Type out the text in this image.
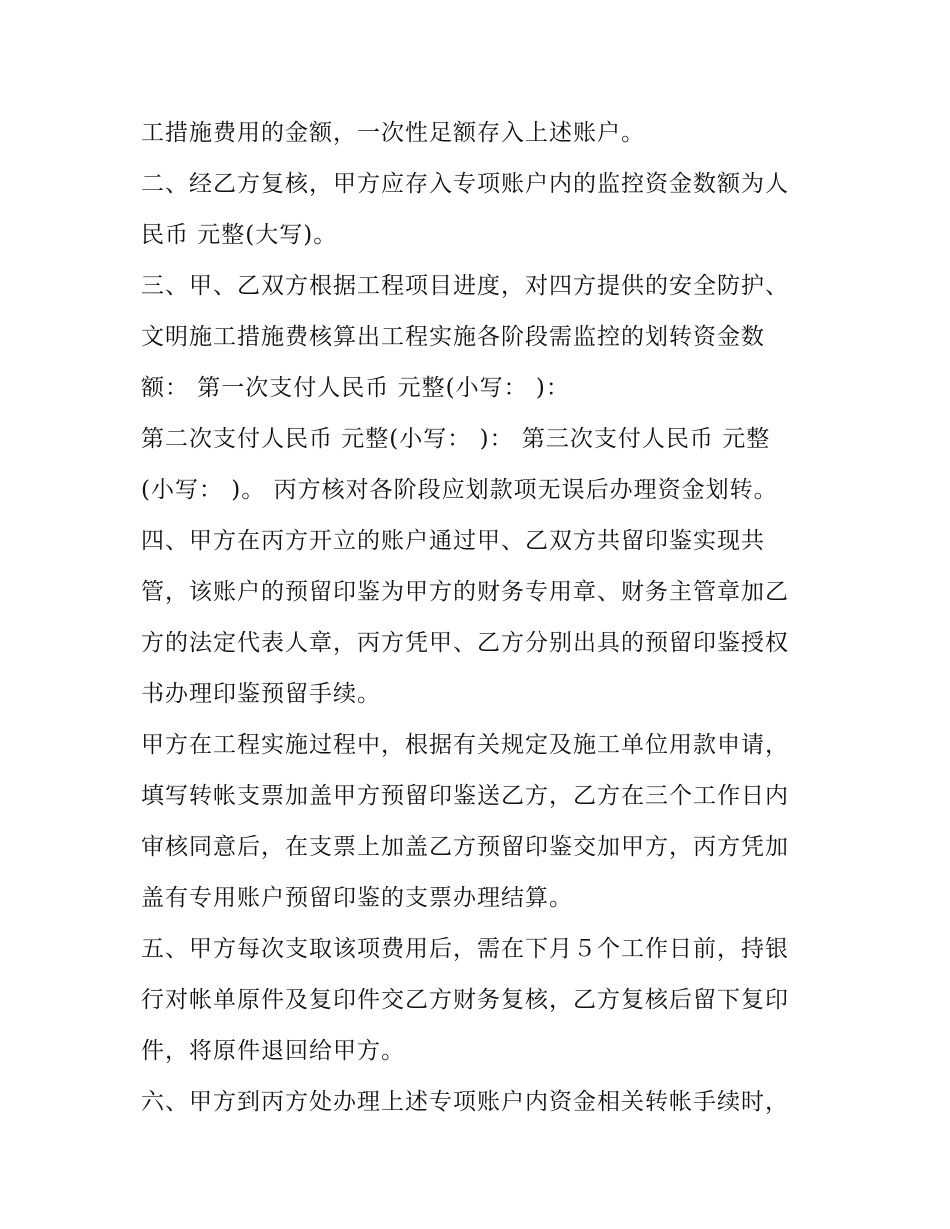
工措施费用的金额，一次性足额存入上述账户。
二、经乙方复核，甲方应存入专项账户内的监控资金数额为人
民币 元整(大写)。
三、甲、乙双方根据工程项目进度，对四方提供的安全防护、
文明施工措施费核算出工程实施各阶段需监控的划转资金数
额： 第一次支付人民币 元整(小写： )：
第二次支付人民币 元整(小写： )： 第三次支付人民币 元整
(小写： )。 丙方核对各阶段应划款项无误后办理资金划转。
四、甲方在丙方开立的账户通过甲、乙双方共留印鉴实现共
管，该账户的预留印鉴为甲方的财务专用章、财务主管章加乙
方的法定代表人章，丙方凭甲、乙方分别出具的预留印鉴授权
书办理印鉴预留手续。
甲方在工程实施过程中，根据有关规定及施工单位用款申请，
填写转帐支票加盖甲方预留印鉴送乙方，乙方在三个工作日内
审核同意后，在支票上加盖乙方预留印鉴交加甲方，丙方凭加
盖有专用账户预留印鉴的支票办理结算。
五、甲方每次支取该项费用后，需在下月５个工作日前，持银
行对帐单原件及复印件交乙方财务复核，乙方复核后留下复印
件，将原件退回给甲方。
六、甲方到丙方处办理上述专项账户内资金相关转帐手续时，
